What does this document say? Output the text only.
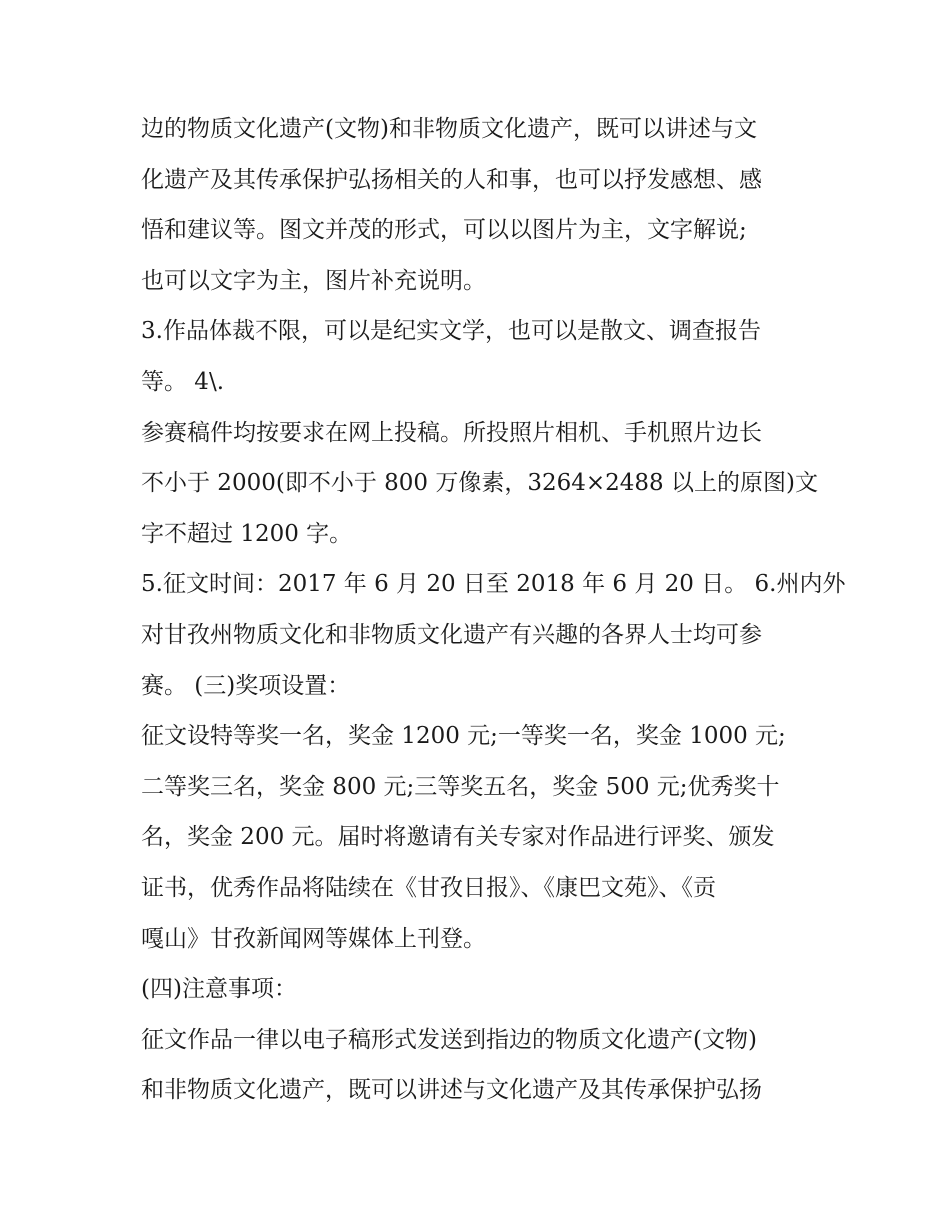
边的物质文化遗产(文物)和非物质文化遗产，既可以讲述与文
化遗产及其传承保护弘扬相关的人和事，也可以抒发感想、感
悟和建议等。图文并茂的形式，可以以图片为主，文字解说;
也可以文字为主，图片补充说明。
3.作品体裁不限，可以是纪实文学，也可以是散文、调查报告
等。 4\.
参赛稿件均按要求在网上投稿。所投照片相机、手机照片边长
不小于 2000(即不小于 800 万像素，3264×2488 以上的原图)文
字不超过 1200 字。
5.征文时间：2017 年 6 月 20 日至 2018 年 6 月 20 日。 6.州内外
对甘孜州物质文化和非物质文化遗产有兴趣的各界人士均可参
赛。 (三)奖项设置：
征文设特等奖一名，奖金 1200 元;一等奖一名，奖金 1000 元;
二等奖三名，奖金 800 元;三等奖五名，奖金 500 元;优秀奖十
名，奖金 200 元。届时将邀请有关专家对作品进行评奖、颁发
证书，优秀作品将陆续在《甘孜日报》、《康巴文苑》、《贡
嘎山》甘孜新闻网等媒体上刊登。
(四)注意事项：
征文作品一律以电子稿形式发送到指边的物质文化遗产(文物)
和非物质文化遗产，既可以讲述与文化遗产及其传承保护弘扬
